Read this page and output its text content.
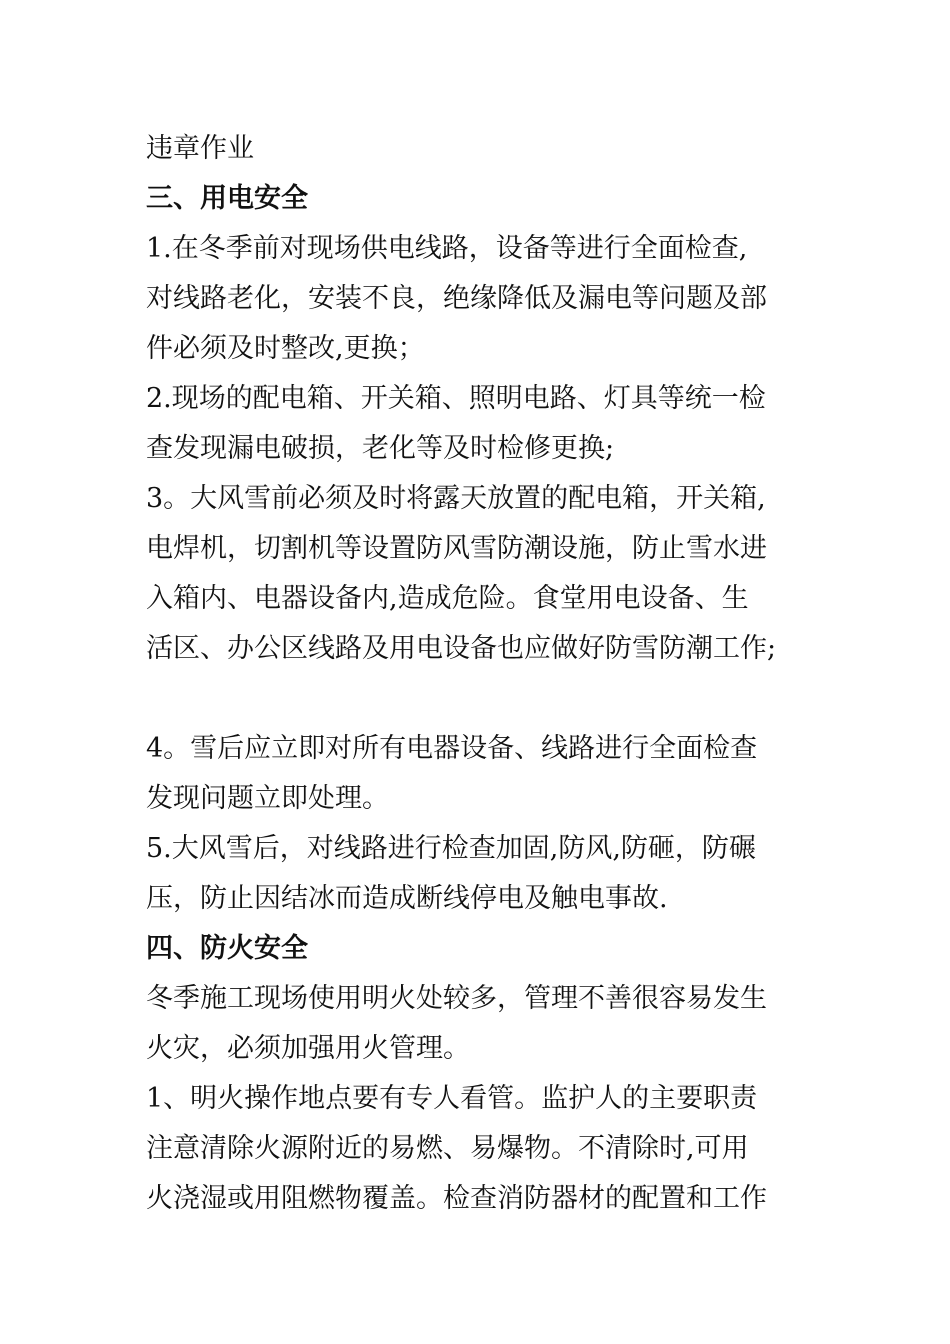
违章作业
三、用电安全
1.在冬季前对现场供电线路，设备等进行全面检查,
对线路老化，安装不良，绝缘降低及漏电等问题及部
件必须及时整改,更换；
2.现场的配电箱、开关箱、照明电路、灯具等统一检
查发现漏电破损，老化等及时检修更换;
3。大风雪前必须及时将露天放置的配电箱，开关箱,
电焊机，切割机等设置防风雪防潮设施，防止雪水进
入箱内、电器设备内,造成危险。食堂用电设备、生
活区、办公区线路及用电设备也应做好防雪防潮工作;
4。雪后应立即对所有电器设备、线路进行全面检查
发现问题立即处理。
5.大风雪后，对线路进行检查加固,防风,防砸，防碾
压，防止因结冰而造成断线停电及触电事故.
四、防火安全
冬季施工现场使用明火处较多，管理不善很容易发生
火灾，必须加强用火管理。
1、明火操作地点要有专人看管。监护人的主要职责
注意清除火源附近的易燃、易爆物。不清除时,可用
火浇湿或用阻燃物覆盖。检查消防器材的配置和工作
